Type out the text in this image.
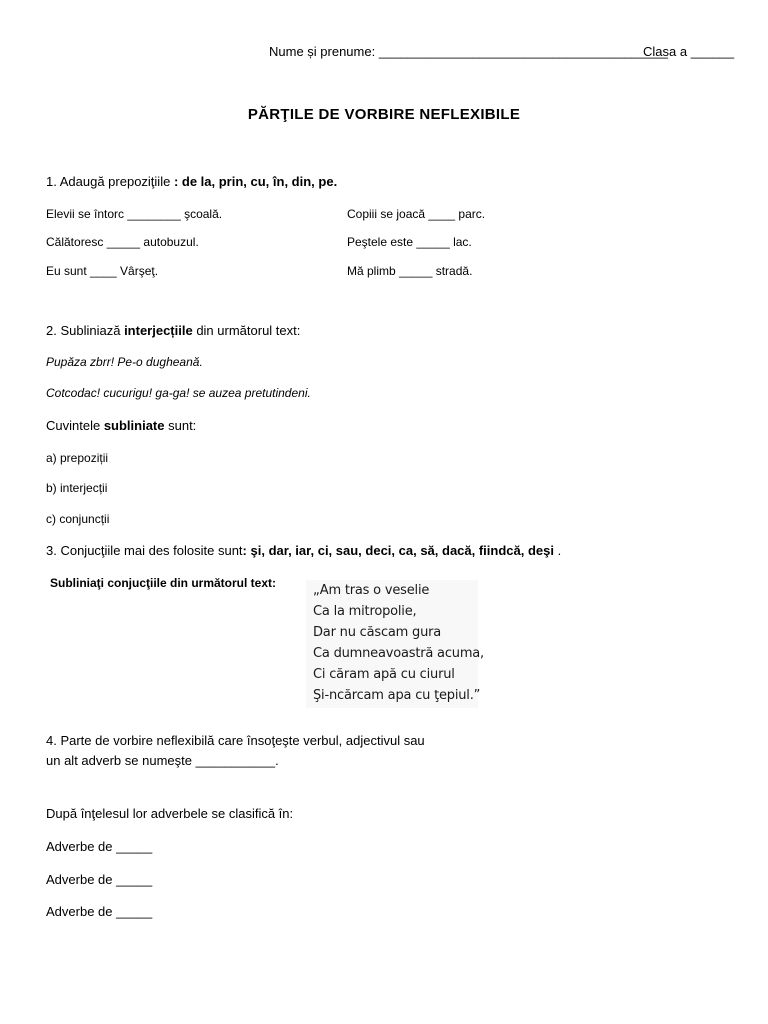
Nume și prenume: ________________________________________
Clasa a ______
PĂRŢILE DE VORBIRE NEFLEXIBILE
1. Adaugă prepoziţiile : de la, prin, cu, în, din, pe.
Elevii se întorc ________ şcoală.
Călătoresc _____ autobuzul.
Eu sunt ____ Vârşeţ.
Copiii se joacă ____ parc.
Peştele este _____ lac.
Mă plimb _____ stradă.
2. Subliniază interjecțiile din următorul text:
Pupăza zbrr! Pe-o dugheană.
Cotcodac! cucurigu! ga-ga! se auzea pretutindeni.
Cuvintele subliniate sunt:
a) prepoziții
b) interjecții
c) conjuncții
3. Conjucţiile mai des folosite sunt: şi, dar, iar, ci, sau, deci, ca, să, dacă, fiindcă, deşi .
Subliniaţi conjucţiile din următorul text:	„Am tras o veselie
Ca la mitropolie,
Dar nu căscam gura
Ca dumneavoastră acuma,
Ci căram apă cu ciurul
Şi-ncărcam apa cu ţepiul.”
4. Parte de vorbire neflexibilă care însoţeşte verbul, adjectivul sau
un alt adverb se numeşte ___________.
După înţelesul lor adverbele se clasifică în:
Adverbe de _____
Adverbe de _____
Adverbe de _____
